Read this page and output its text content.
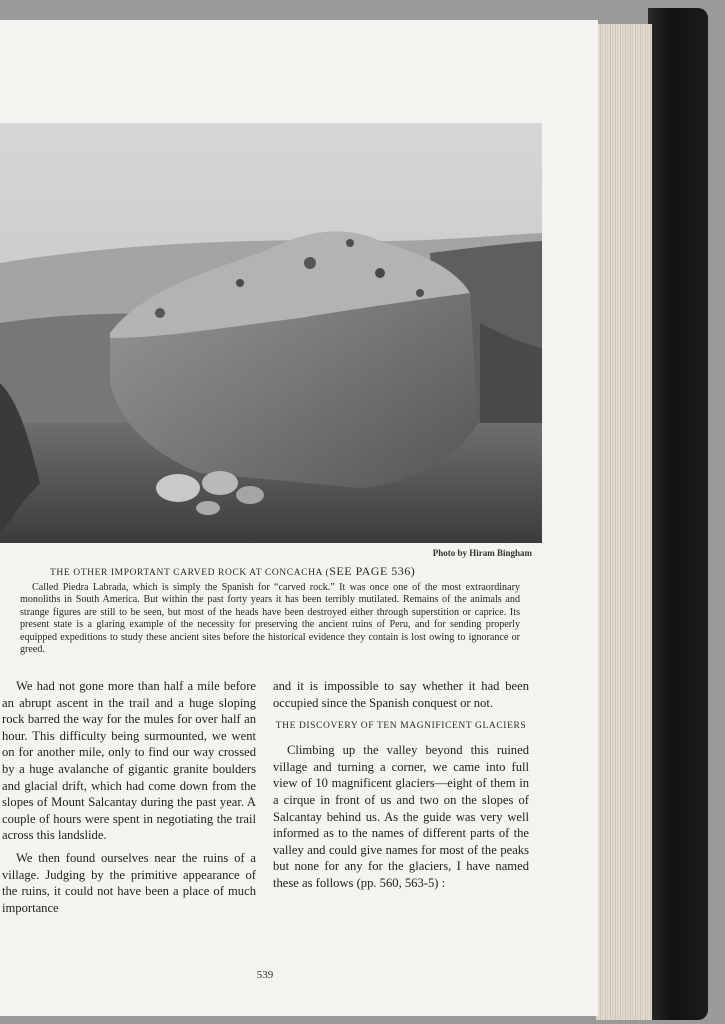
Photo by Hiram Bingham
THE OTHER IMPORTANT CARVED ROCK AT CONCACHA (SEE PAGE 536)
Called Piedra Labrada, which is simply the Spanish for “carved rock.” It was once one of the most extraordinary monoliths in South America. But within the past forty years it has been terribly mutilated. Remains of the animals and strange figures are still to be seen, but most of the heads have been destroyed either through superstition or caprice. Its present state is a glaring example of the necessity for preserving the ancient ruins of Peru, and for sending properly equipped expeditions to study these ancient sites before the historical evidence they contain is lost owing to ignorance or greed.

We had not gone more than half a mile before an abrupt ascent in the trail and a huge sloping rock barred the way for the mules for over half an hour. This difficulty being surmounted, we went on for another mile, only to find our way crossed by a huge avalanche of gigantic granite boulders and glacial drift, which had come down from the slopes of Mount Salcantay during the past year. A couple of hours were spent in negotiating the trail across this landslide.

We then found ourselves near the ruins of a village. Judging by the primitive appearance of the ruins, it could not have been a place of much importance

and it is impossible to say whether it had been occupied since the Spanish conquest or not.

THE DISCOVERY OF TEN MAGNIFICENT GLACIERS

Climbing up the valley beyond this ruined village and turning a corner, we came into full view of 10 magnificent glaciers—eight of them in a cirque in front of us and two on the slopes of Salcantay behind us. As the guide was very well informed as to the names of different parts of the valley and could give names for most of the peaks but none for any for the glaciers, I have named these as follows (pp. 560, 563-5) :

539
